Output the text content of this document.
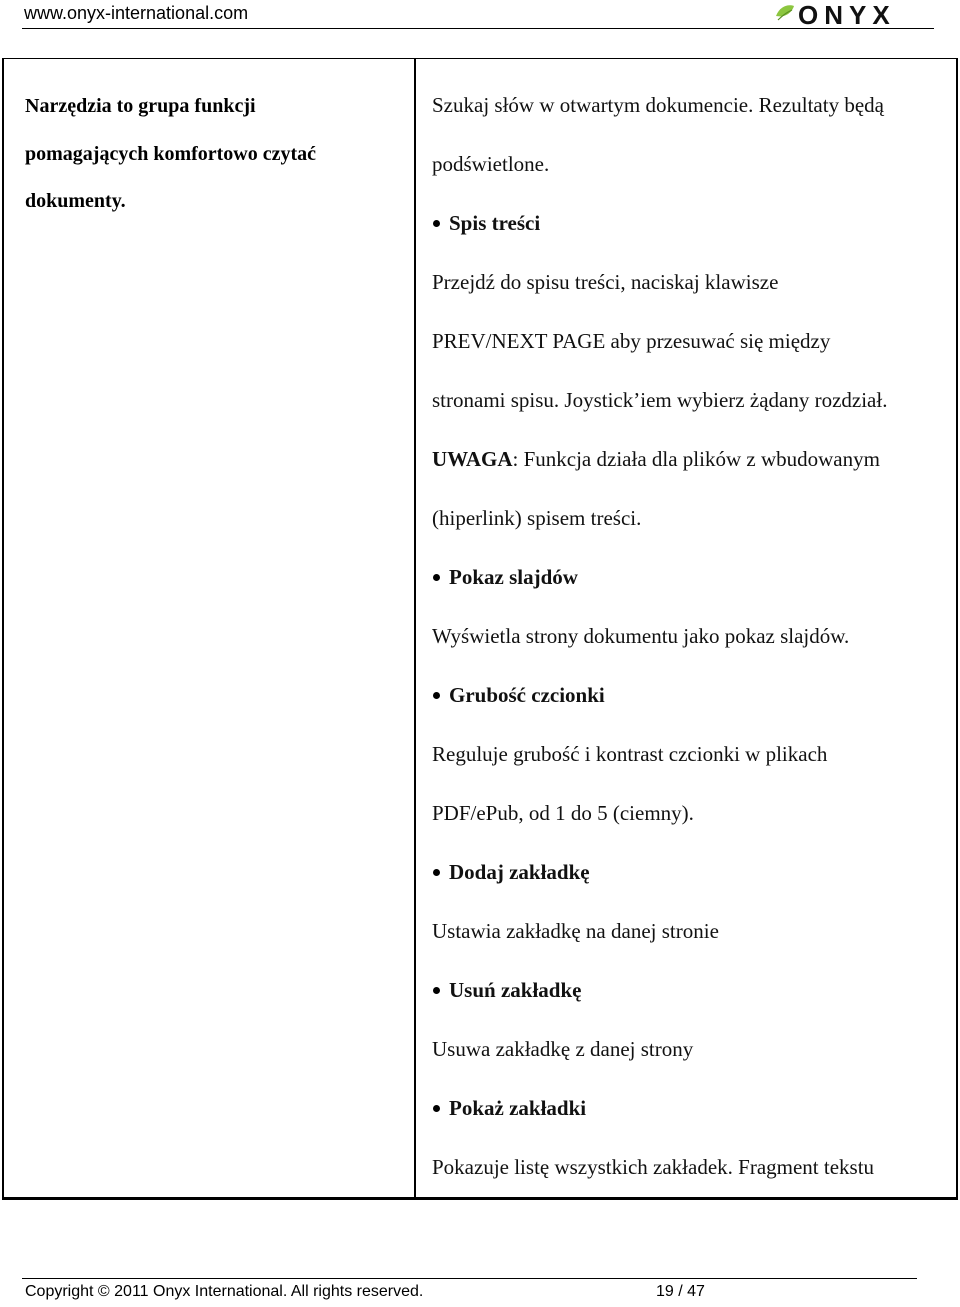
www.onyx-international.com	ONYX
Narzędzia to grupa funkcji
pomagających komfortowo czytać
dokumenty.

Szukaj słów w otwartym dokumencie. Rezultaty będą
podświetlone.
Spis treści
Przejdź do spisu treści, naciskaj klawisze
PREV/NEXT PAGE aby przesuwać się między
stronami spisu. Joystick’iem wybierz żądany rozdział.
UWAGA: Funkcja działa dla plików z wbudowanym
(hiperlink) spisem treści.
Pokaz slajdów
Wyświetla strony dokumentu jako pokaz slajdów.
Grubość czcionki
Reguluje grubość i kontrast czcionki w plikach
PDF/ePub, od 1 do 5 (ciemny).
Dodaj zakładkę
Ustawia zakładkę na danej stronie
Usuń zakładkę
Usuwa zakładkę z danej strony
Pokaż zakładki
Pokazuje listę wszystkich zakładek. Fragment tekstu
Copyright © 2011 Onyx International. All rights reserved.	19 / 47
